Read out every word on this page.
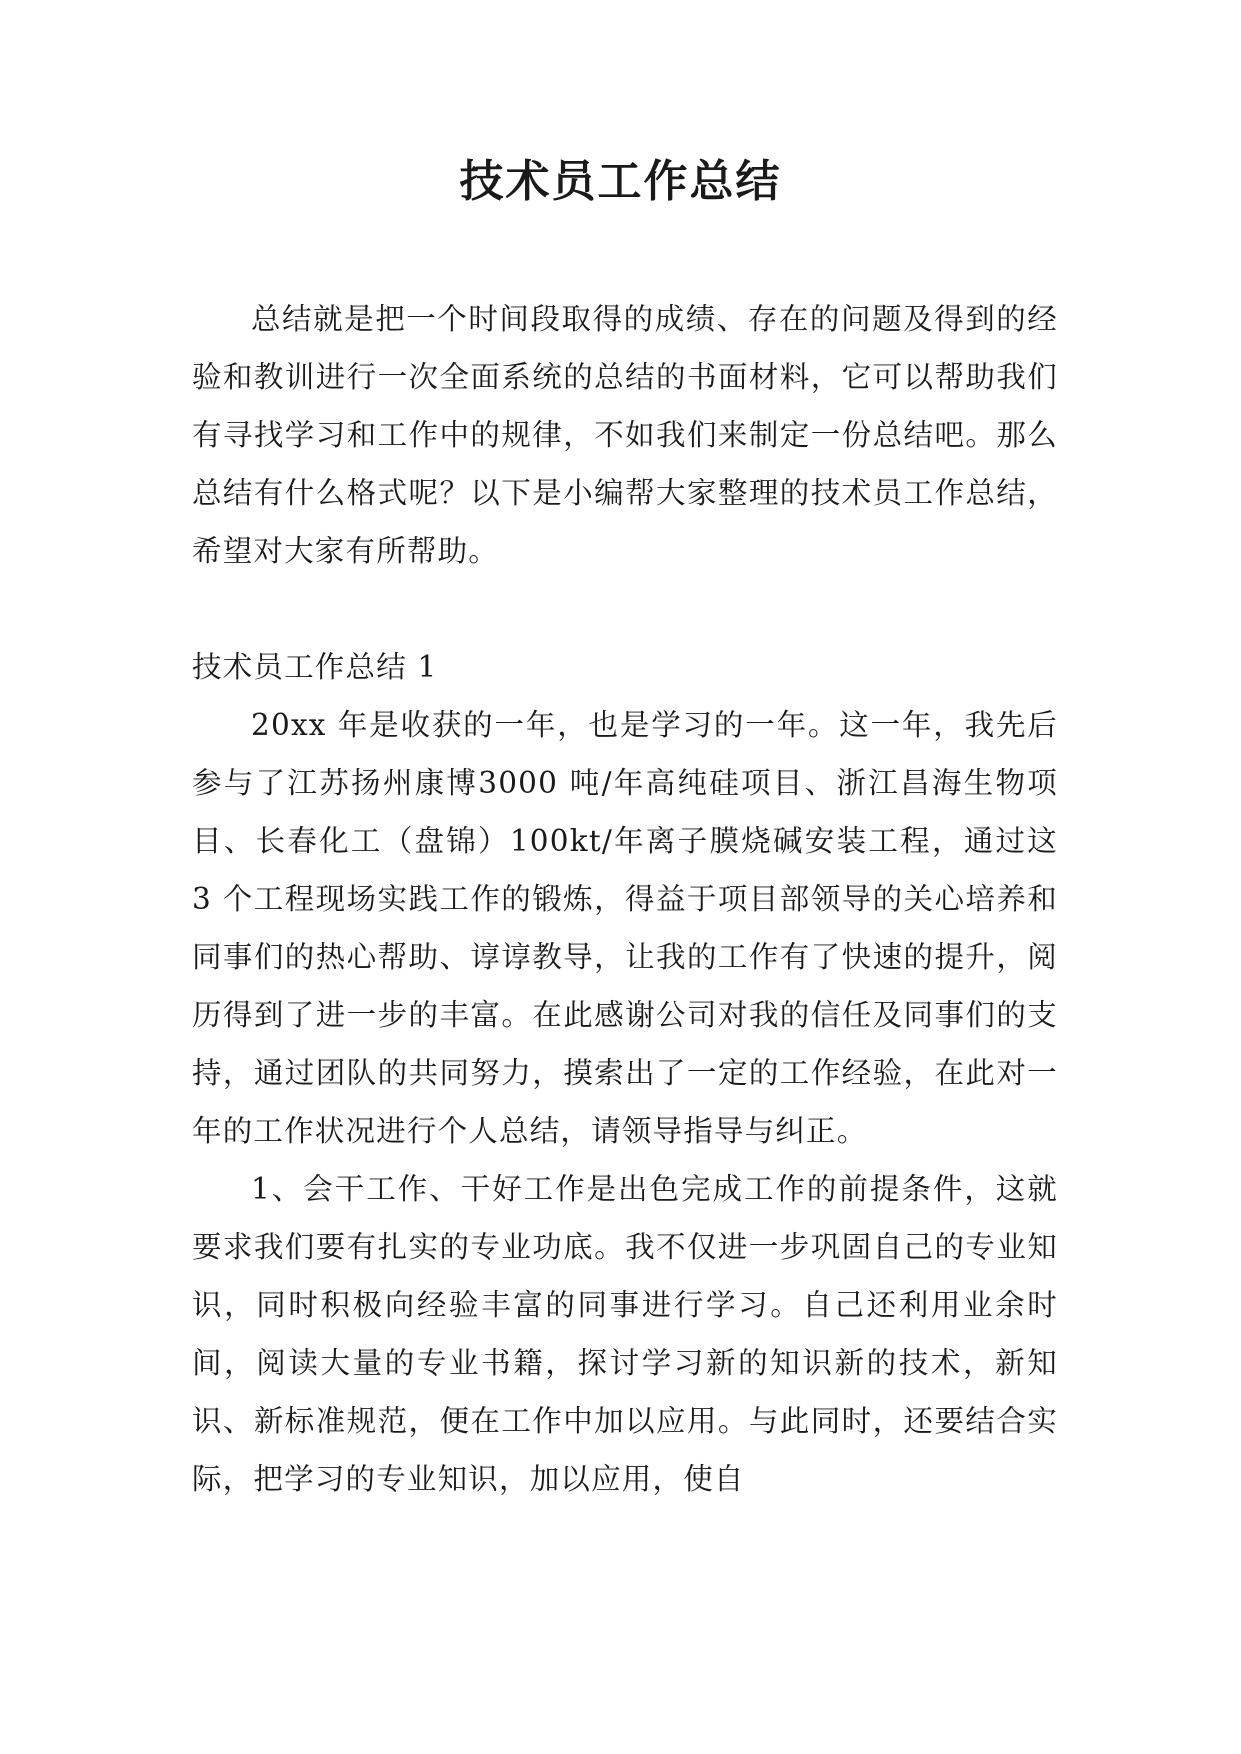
技术员工作总结

总结就是把一个时间段取得的成绩、存在的问题及得到的经验和教训进行一次全面系统的总结的书面材料，它可以帮助我们有寻找学习和工作中的规律，不如我们来制定一份总结吧。那么总结有什么格式呢？以下是小编帮大家整理的技术员工作总结，希望对大家有所帮助。

技术员工作总结 1

20xx 年是收获的一年，也是学习的一年。这一年，我先后参与了江苏扬州康博3000 吨/年高纯硅项目、浙江昌海生物项目、长春化工（盘锦）100kt/年离子膜烧碱安装工程，通过这 3 个工程现场实践工作的锻炼，得益于项目部领导的关心培养和同事们的热心帮助、谆谆教导，让我的工作有了快速的提升，阅历得到了进一步的丰富。在此感谢公司对我的信任及同事们的支持，通过团队的共同努力，摸索出了一定的工作经验，在此对一年的工作状况进行个人总结，请领导指导与纠正。

1、会干工作、干好工作是出色完成工作的前提条件，这就要求我们要有扎实的专业功底。我不仅进一步巩固自己的专业知识，同时积极向经验丰富的同事进行学习。自己还利用业余时间，阅读大量的专业书籍，探讨学习新的知识新的技术，新知识、新标准规范，便在工作中加以应用。与此同时，还要结合实际，把学习的专业知识，加以应用，使自
